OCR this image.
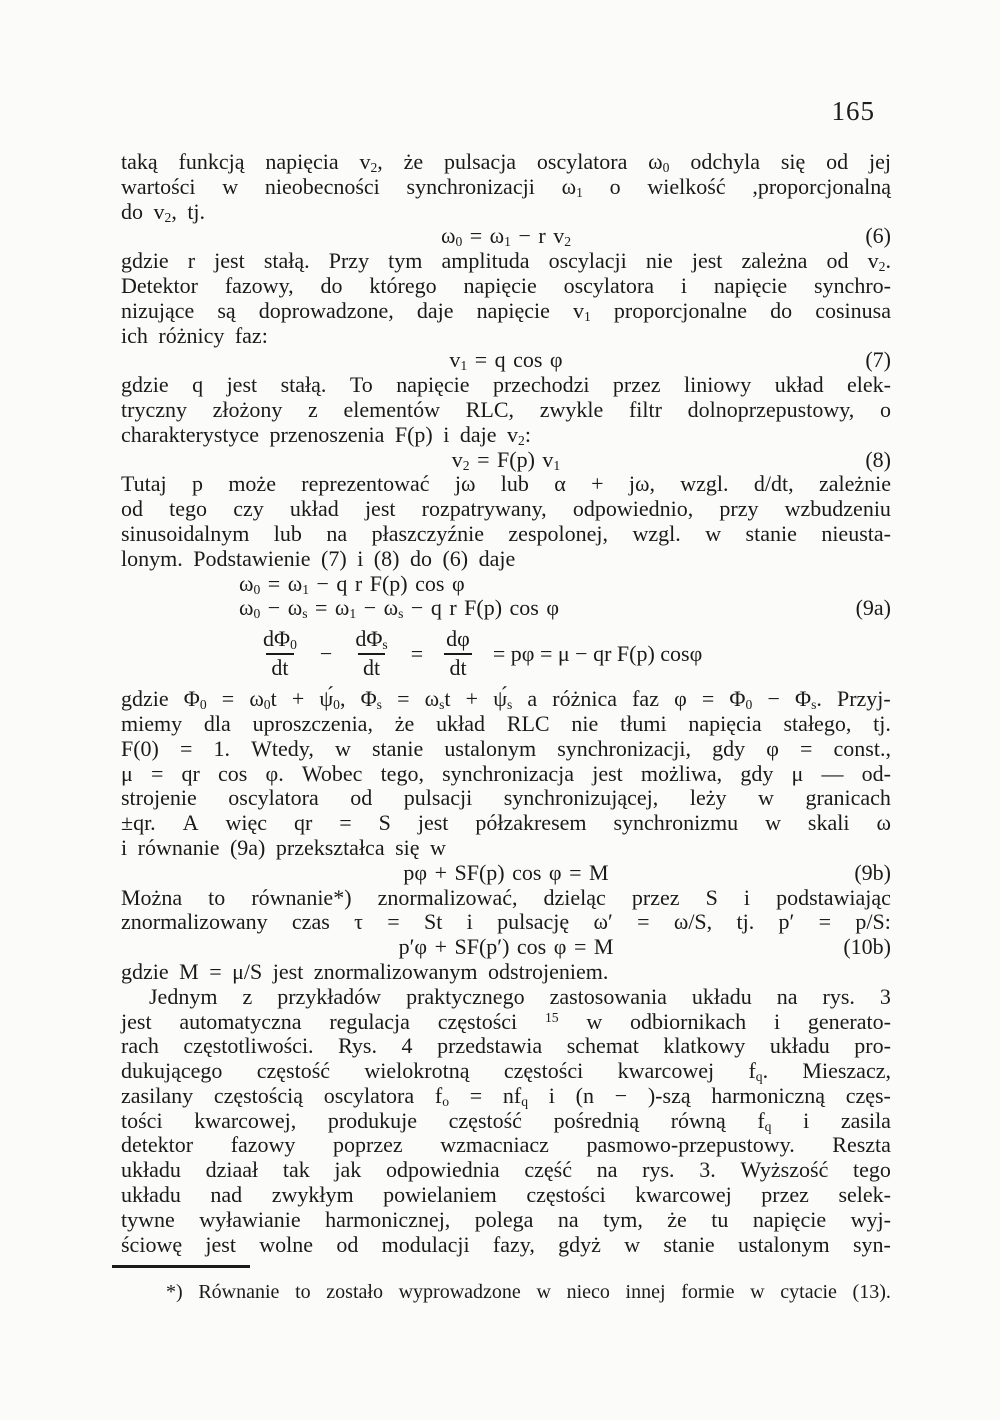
165
taką funkcją napięcia $v_2$, że pulsacja oscylatora $\omega_0$ odchyla się od jej
wartości w nieobecności synchronizacji $\omega_1$ o wielkość ,proporcjonalną
do $v_2$, tj.
$\omega_0 = \omega_1 - r$ $v_2$	(6)
gdzie r jest stałą. Przy tym amplituda oscylacji nie jest zależna od $v_2$.
Detektor fazowy, do którego napięcie oscylatora i napięcie synchro-
nizujące są doprowadzone, daje napięcie $v_1$ proporcjonalne do cosinusa
ich różnicy faz:
$v_1 = q$ cos φ	(7)
gdzie q jest stałą. To napięcie przechodzi przez liniowy układ elek-
tryczny złożony z elementów RLC, zwykle filtr dolnoprzepustowy, o
charakterystyce przenoszenia F(p) i daje $v_2$:
$v_2 = F(p)$ $v_1$	(8)
Tutaj p może reprezentować jω lub α + jω, wzgl. d/dt, zależnie
od tego czy układ jest rozpatrywany, odpowiednio, przy wzbudzeniu
sinusoidalnym lub na płaszczyźnie zespolonej, wzgl. w stanie nieusta-
lonym. Podstawienie (7) i (8) do (6) daje
$\omega_0 = \omega_1 - q$ r F(p) cos φ
$\omega_0 - \omega_s = \omega_1 - \omega_s - q$ r F(p) cos φ	(9a)
$\frac{d\Phi_0}{dt} - \frac{d\Phi_s}{dt} = \frac{d\varphi}{dt} = p\varphi = \mu$ − qr F(p) cosφ
gdzie $\Phi_0 = \omega_0t$ + $\psí_0$, $\Phi_s = \omega_st$ + $\psí_s$ a różnica faz $\varphi = \Phi_0 - \Phi_s$. Przyj-
miemy dla uproszczenia, że układ RLC nie tłumi napięcia stałego, tj.
F(0) = 1. Wtedy, w stanie ustalonym synchronizacji, gdy φ = const.,
μ = qr cos φ. Wobec tego, synchronizacja jest możliwa, gdy μ — od-
strojenie oscylatora od pulsacji synchronizującej, leży w granicach
±qr. A więc qr = S jest półzakresem synchronizmu w skali ω
i równanie (9a) przekształca się w
pφ + SF(p) cos φ = M	(9b)
Można to równanie*) znormalizować, dzieląc przez S i podstawiając
znormalizowany czas τ = St i pulsację ω′ = ω/S, tj. p′ = p/S:
p′φ + SF(p′) cos φ = M	(10b)
gdzie M = μ/S jest znormalizowanym odstrojeniem.
Jednym z przykładów praktycznego zastosowania układu na rys. 3
jest automatyczna regulacja częstości $^{15}$ w odbiornikach i generato-
rach częstotliwości. Rys. 4 przedstawia schemat klatkowy układu pro-
dukującego częstość wielokrotną częstości kwarcowej $f_q$. Mieszacz,
zasilany częstością oscylatora $f_o = nf_q$ i (n − )-szą harmoniczną częs-
tości kwarcowej, produkuje częstość pośrednią równą $f_q$ i zasila
detektor fazowy poprzez wzmacniacz pasmowo-przepustowy. Reszta
układu dziaał tak jak odpowiednia część na rys. 3. Wyższość tego
układu nad zwykłym powielaniem częstości kwarcowej przez selek-
tywne wyławianie harmonicznej, polega na tym, że tu napięcie wyj-
ściowę jest wolne od modulacji fazy, gdyż w stanie ustalonym syn-
*) Równanie to zostało wyprowadzone w nieco innej formie w cytacie (13).
